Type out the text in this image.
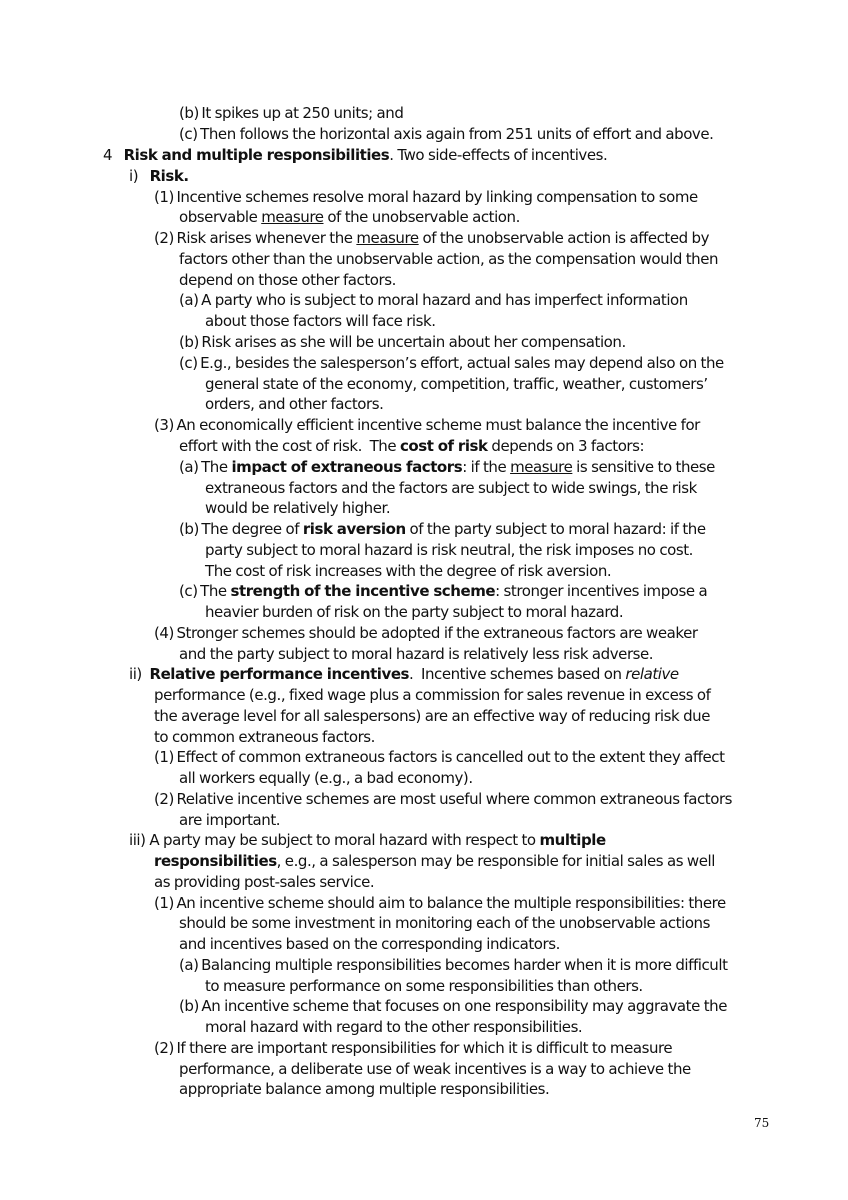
(b) It spikes up at 250 units; and
(c) Then follows the horizontal axis again from 251 units of effort and above.
4   Risk and multiple responsibilities. Two side-effects of incentives.
i)   Risk.
(1) Incentive schemes resolve moral hazard by linking compensation to some
observable measure of the unobservable action.
(2) Risk arises whenever the measure of the unobservable action is affected by
factors other than the unobservable action, as the compensation would then
depend on those other factors.
(a) A party who is subject to moral hazard and has imperfect information
about those factors will face risk.
(b) Risk arises as she will be uncertain about her compensation.
(c) E.g., besides the salesperson’s effort, actual sales may depend also on the
general state of the economy, competition, traffic, weather, customers’
orders, and other factors.
(3) An economically efficient incentive scheme must balance the incentive for
effort with the cost of risk.  The cost of risk depends on 3 factors:
(a) The impact of extraneous factors: if the measure is sensitive to these
extraneous factors and the factors are subject to wide swings, the risk
would be relatively higher.
(b) The degree of risk aversion of the party subject to moral hazard: if the
party subject to moral hazard is risk neutral, the risk imposes no cost.
The cost of risk increases with the degree of risk aversion.
(c) The strength of the incentive scheme: stronger incentives impose a
heavier burden of risk on the party subject to moral hazard.
(4) Stronger schemes should be adopted if the extraneous factors are weaker
and the party subject to moral hazard is relatively less risk adverse.
ii)  Relative performance incentives.  Incentive schemes based on relative
performance (e.g., fixed wage plus a commission for sales revenue in excess of
the average level for all salespersons) are an effective way of reducing risk due
to common extraneous factors.
(1) Effect of common extraneous factors is cancelled out to the extent they affect
all workers equally (e.g., a bad economy).
(2) Relative incentive schemes are most useful where common extraneous factors
are important.
iii) A party may be subject to moral hazard with respect to multiple
responsibilities, e.g., a salesperson may be responsible for initial sales as well
as providing post-sales service.
(1) An incentive scheme should aim to balance the multiple responsibilities: there
should be some investment in monitoring each of the unobservable actions
and incentives based on the corresponding indicators.
(a) Balancing multiple responsibilities becomes harder when it is more difficult
to measure performance on some responsibilities than others.
(b) An incentive scheme that focuses on one responsibility may aggravate the
moral hazard with regard to the other responsibilities.
(2) If there are important responsibilities for which it is difficult to measure
performance, a deliberate use of weak incentives is a way to achieve the
appropriate balance among multiple responsibilities.
75
